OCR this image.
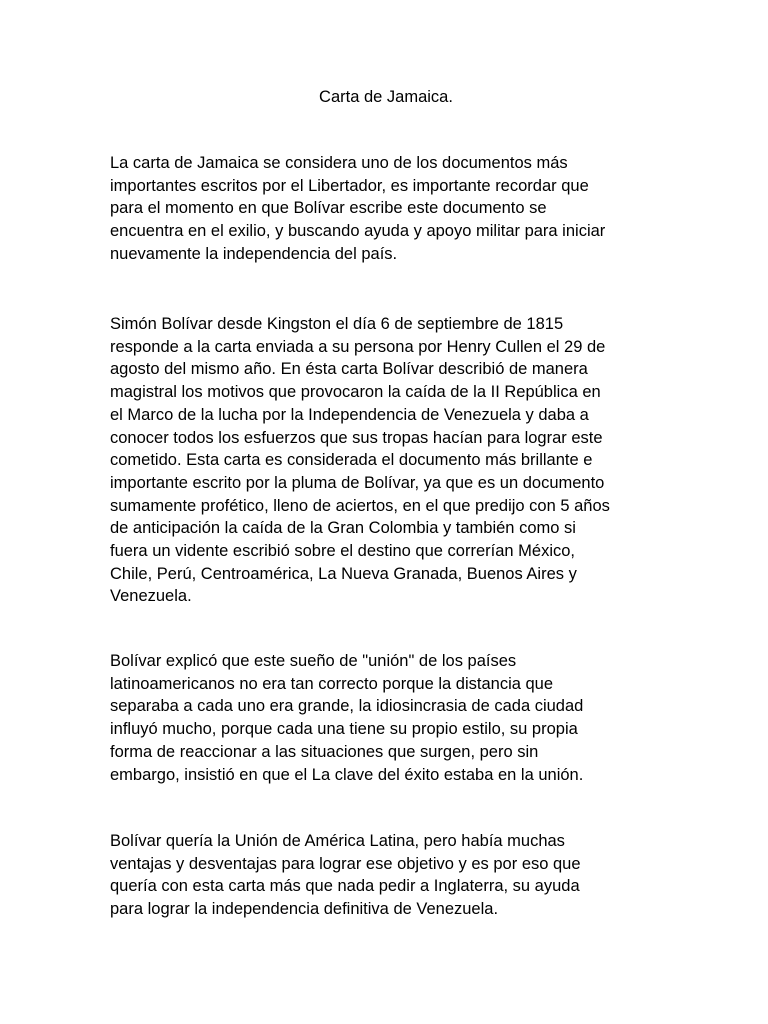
Carta de Jamaica.

La carta de Jamaica se considera uno de los documentos más
importantes escritos por el Libertador, es importante recordar que
para el momento en que Bolívar escribe este documento se
encuentra en el exilio, y buscando ayuda y apoyo militar para iniciar
nuevamente la independencia del país.

Simón Bolívar desde Kingston el día 6 de septiembre de 1815
responde a la carta enviada a su persona por Henry Cullen el 29 de
agosto del mismo año. En ésta carta Bolívar describió de manera
magistral los motivos que provocaron la caída de la II República en
el Marco de la lucha por la Independencia de Venezuela y daba a
conocer todos los esfuerzos que sus tropas hacían para lograr este
cometido. Esta carta es considerada el documento más brillante e
importante escrito por la pluma de Bolívar, ya que es un documento
sumamente profético, lleno de aciertos, en el que predijo con 5 años
de anticipación la caída de la Gran Colombia y también como si
fuera un vidente escribió sobre el destino que correrían México,
Chile, Perú, Centroamérica, La Nueva Granada, Buenos Aires y
Venezuela.

Bolívar explicó que este sueño de "unión" de los países
latinoamericanos no era tan correcto porque la distancia que
separaba a cada uno era grande, la idiosincrasia de cada ciudad
influyó mucho, porque cada una tiene su propio estilo, su propia
forma de reaccionar a las situaciones que surgen, pero sin
embargo, insistió en que el La clave del éxito estaba en la unión.

Bolívar quería la Unión de América Latina, pero había muchas
ventajas y desventajas para lograr ese objetivo y es por eso que
quería con esta carta más que nada pedir a Inglaterra, su ayuda
para lograr la independencia definitiva de Venezuela.
